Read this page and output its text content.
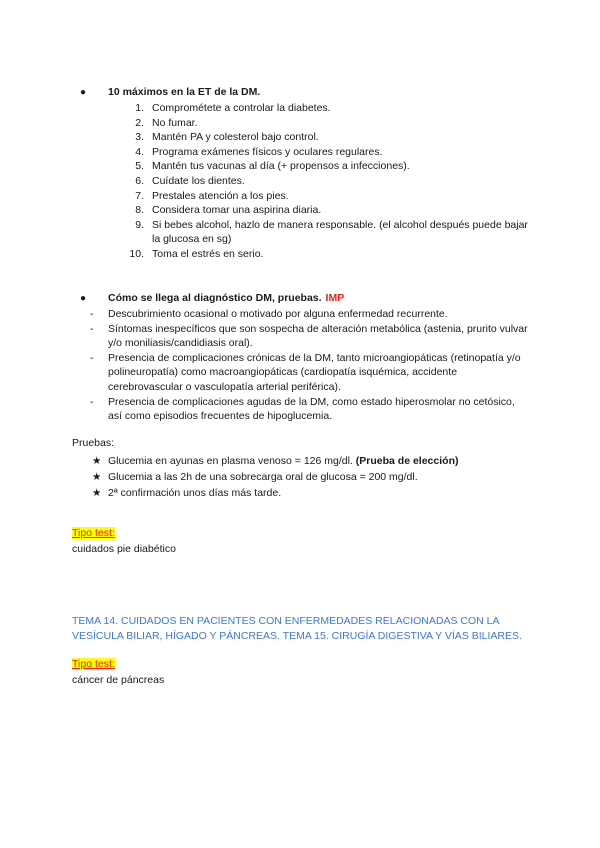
●	10 máximos en la ET de la DM.
1. Comprométete a controlar la diabetes.
2. No fumar.
3. Mantén PA y colesterol bajo control.
4. Programa exámenes físicos y oculares regulares.
5. Mantén tus vacunas al día (+ propensos a infecciones).
6. Cuídate los dientes.
7. Prestales atención a los pies.
8. Considera tomar una aspirina diaria.
9. Si bebes alcohol, hazlo de manera responsable. (el alcohol después puede bajar la glucosa en sg)
10. Toma el estrés en serio.
●	Cómo se llega al diagnóstico DM, pruebas. IMP
-	Descubrimiento ocasional o motivado por alguna enfermedad recurrente.
-	Síntomas inespecíficos que son sospecha de alteración metabólica (astenia, prurito vulvar y/o moniliasis/candidiasis oral).
-	Presencia de complicaciones crónicas de la DM, tanto microangiopáticas (retinopatía y/o polineuropatía) como macroangiopáticas (cardiopatía isquémica, accidente cerebrovascular o vasculopatía arterial periférica).
-	Presencia de complicaciones agudas de la DM, como estado hiperosmolar no cetósico, así como episodios frecuentes de hipoglucemia.
Pruebas:
★ Glucemia en ayunas en plasma venoso = 126 mg/dl. (Prueba de elección)
★ Glucemia a las 2h de una sobrecarga oral de glucosa = 200 mg/dl.
★ 2ª confirmación unos días más tarde.
Tipo test:
cuidados pie diabético
TEMA 14. CUIDADOS EN PACIENTES CON ENFERMEDADES RELACIONADAS CON LA VESÍCULA BILIAR, HÍGADO Y PÁNCREAS. TEMA 15. CIRUGÍA DIGESTIVA Y VÍAS BILIARES.
Tipo test:
cáncer de páncreas
